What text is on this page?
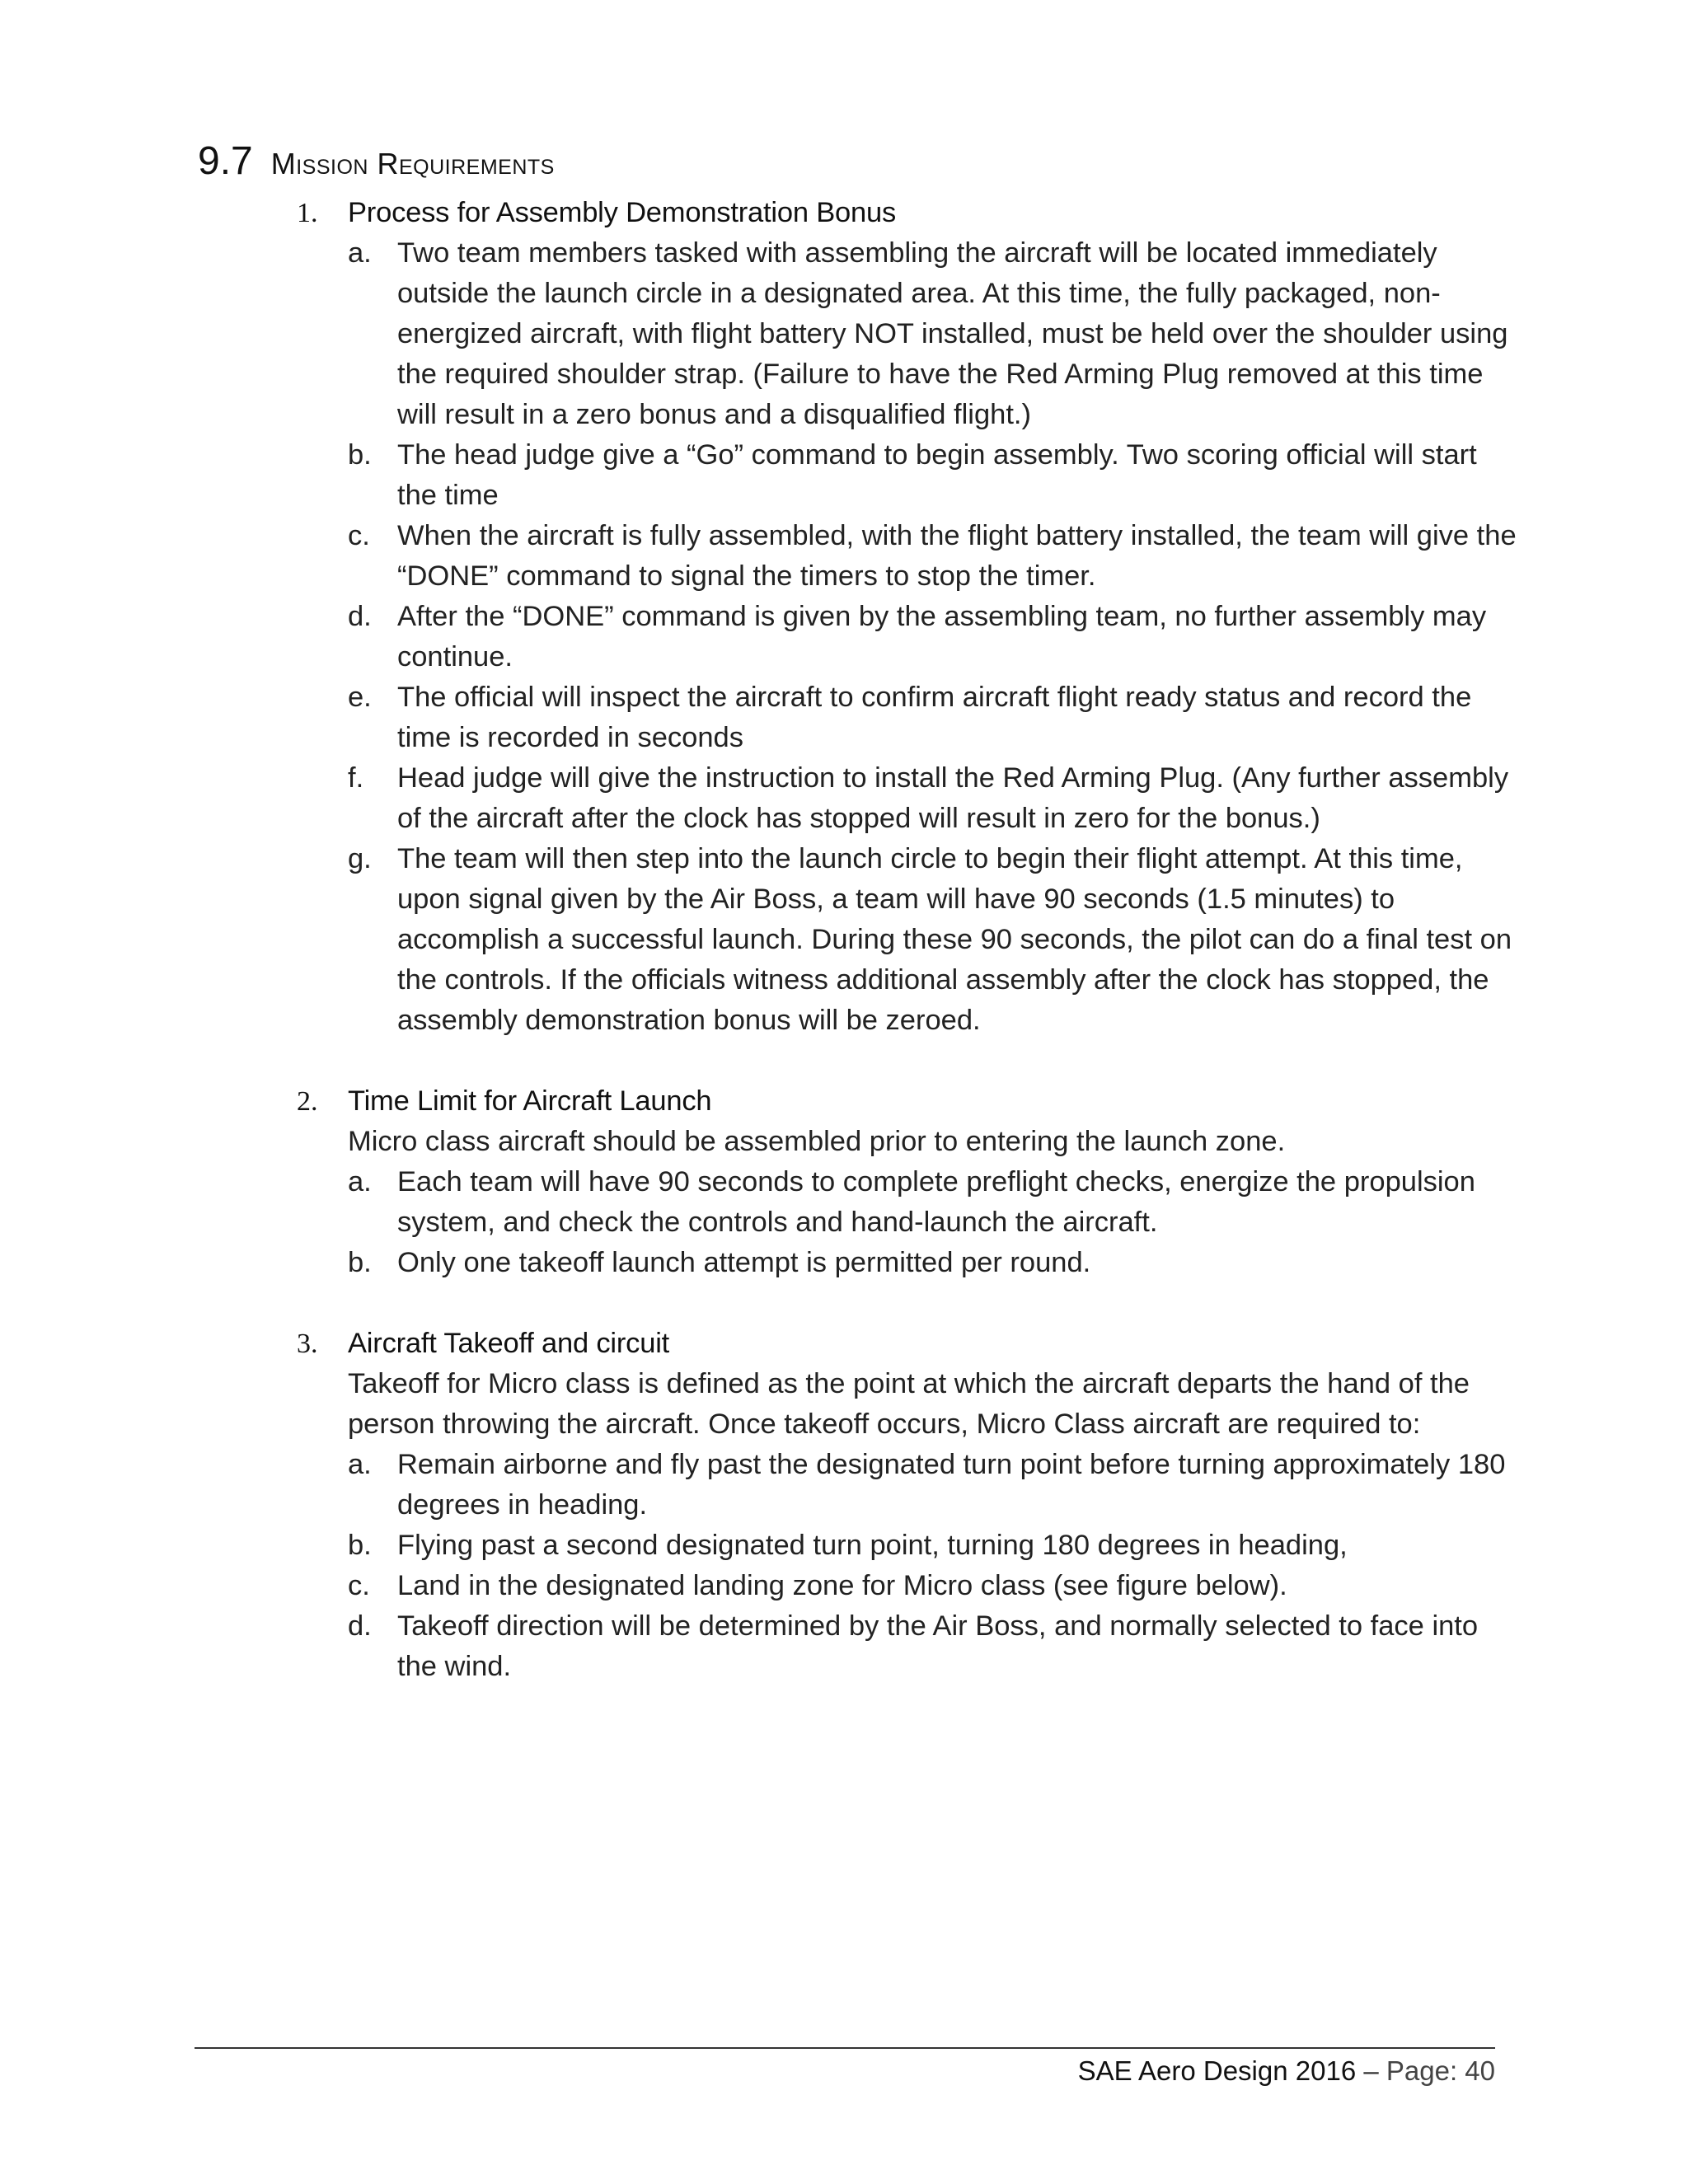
9.7 Mission Requirements
1. Process for Assembly Demonstration Bonus
a. Two team members tasked with assembling the aircraft will be located immediately outside the launch circle in a designated area. At this time, the fully packaged, non-energized aircraft, with flight battery NOT installed, must be held over the shoulder using the required shoulder strap. (Failure to have the Red Arming Plug removed at this time will result in a zero bonus and a disqualified flight.)
b. The head judge give a “Go” command to begin assembly. Two scoring official will start the time
c. When the aircraft is fully assembled, with the flight battery installed, the team will give the “DONE” command to signal the timers to stop the timer.
d. After the “DONE” command is given by the assembling team, no further assembly may continue.
e. The official will inspect the aircraft to confirm aircraft flight ready status and record the time is recorded in seconds
f. Head judge will give the instruction to install the Red Arming Plug. (Any further assembly of the aircraft after the clock has stopped will result in zero for the bonus.)
g. The team will then step into the launch circle to begin their flight attempt. At this time, upon signal given by the Air Boss, a team will have 90 seconds (1.5 minutes) to accomplish a successful launch. During these 90 seconds, the pilot can do a final test on the controls. If the officials witness additional assembly after the clock has stopped, the assembly demonstration bonus will be zeroed.
2. Time Limit for Aircraft Launch
Micro class aircraft should be assembled prior to entering the launch zone.
a. Each team will have 90 seconds to complete preflight checks, energize the propulsion system, and check the controls and hand-launch the aircraft.
b. Only one takeoff launch attempt is permitted per round.
3. Aircraft Takeoff and circuit
Takeoff for Micro class is defined as the point at which the aircraft departs the hand of the person throwing the aircraft. Once takeoff occurs, Micro Class aircraft are required to:
a. Remain airborne and fly past the designated turn point before turning approximately 180 degrees in heading.
b. Flying past a second designated turn point, turning 180 degrees in heading,
c. Land in the designated landing zone for Micro class (see figure below).
d. Takeoff direction will be determined by the Air Boss, and normally selected to face into the wind.
SAE Aero Design 2016 – Page: 40
